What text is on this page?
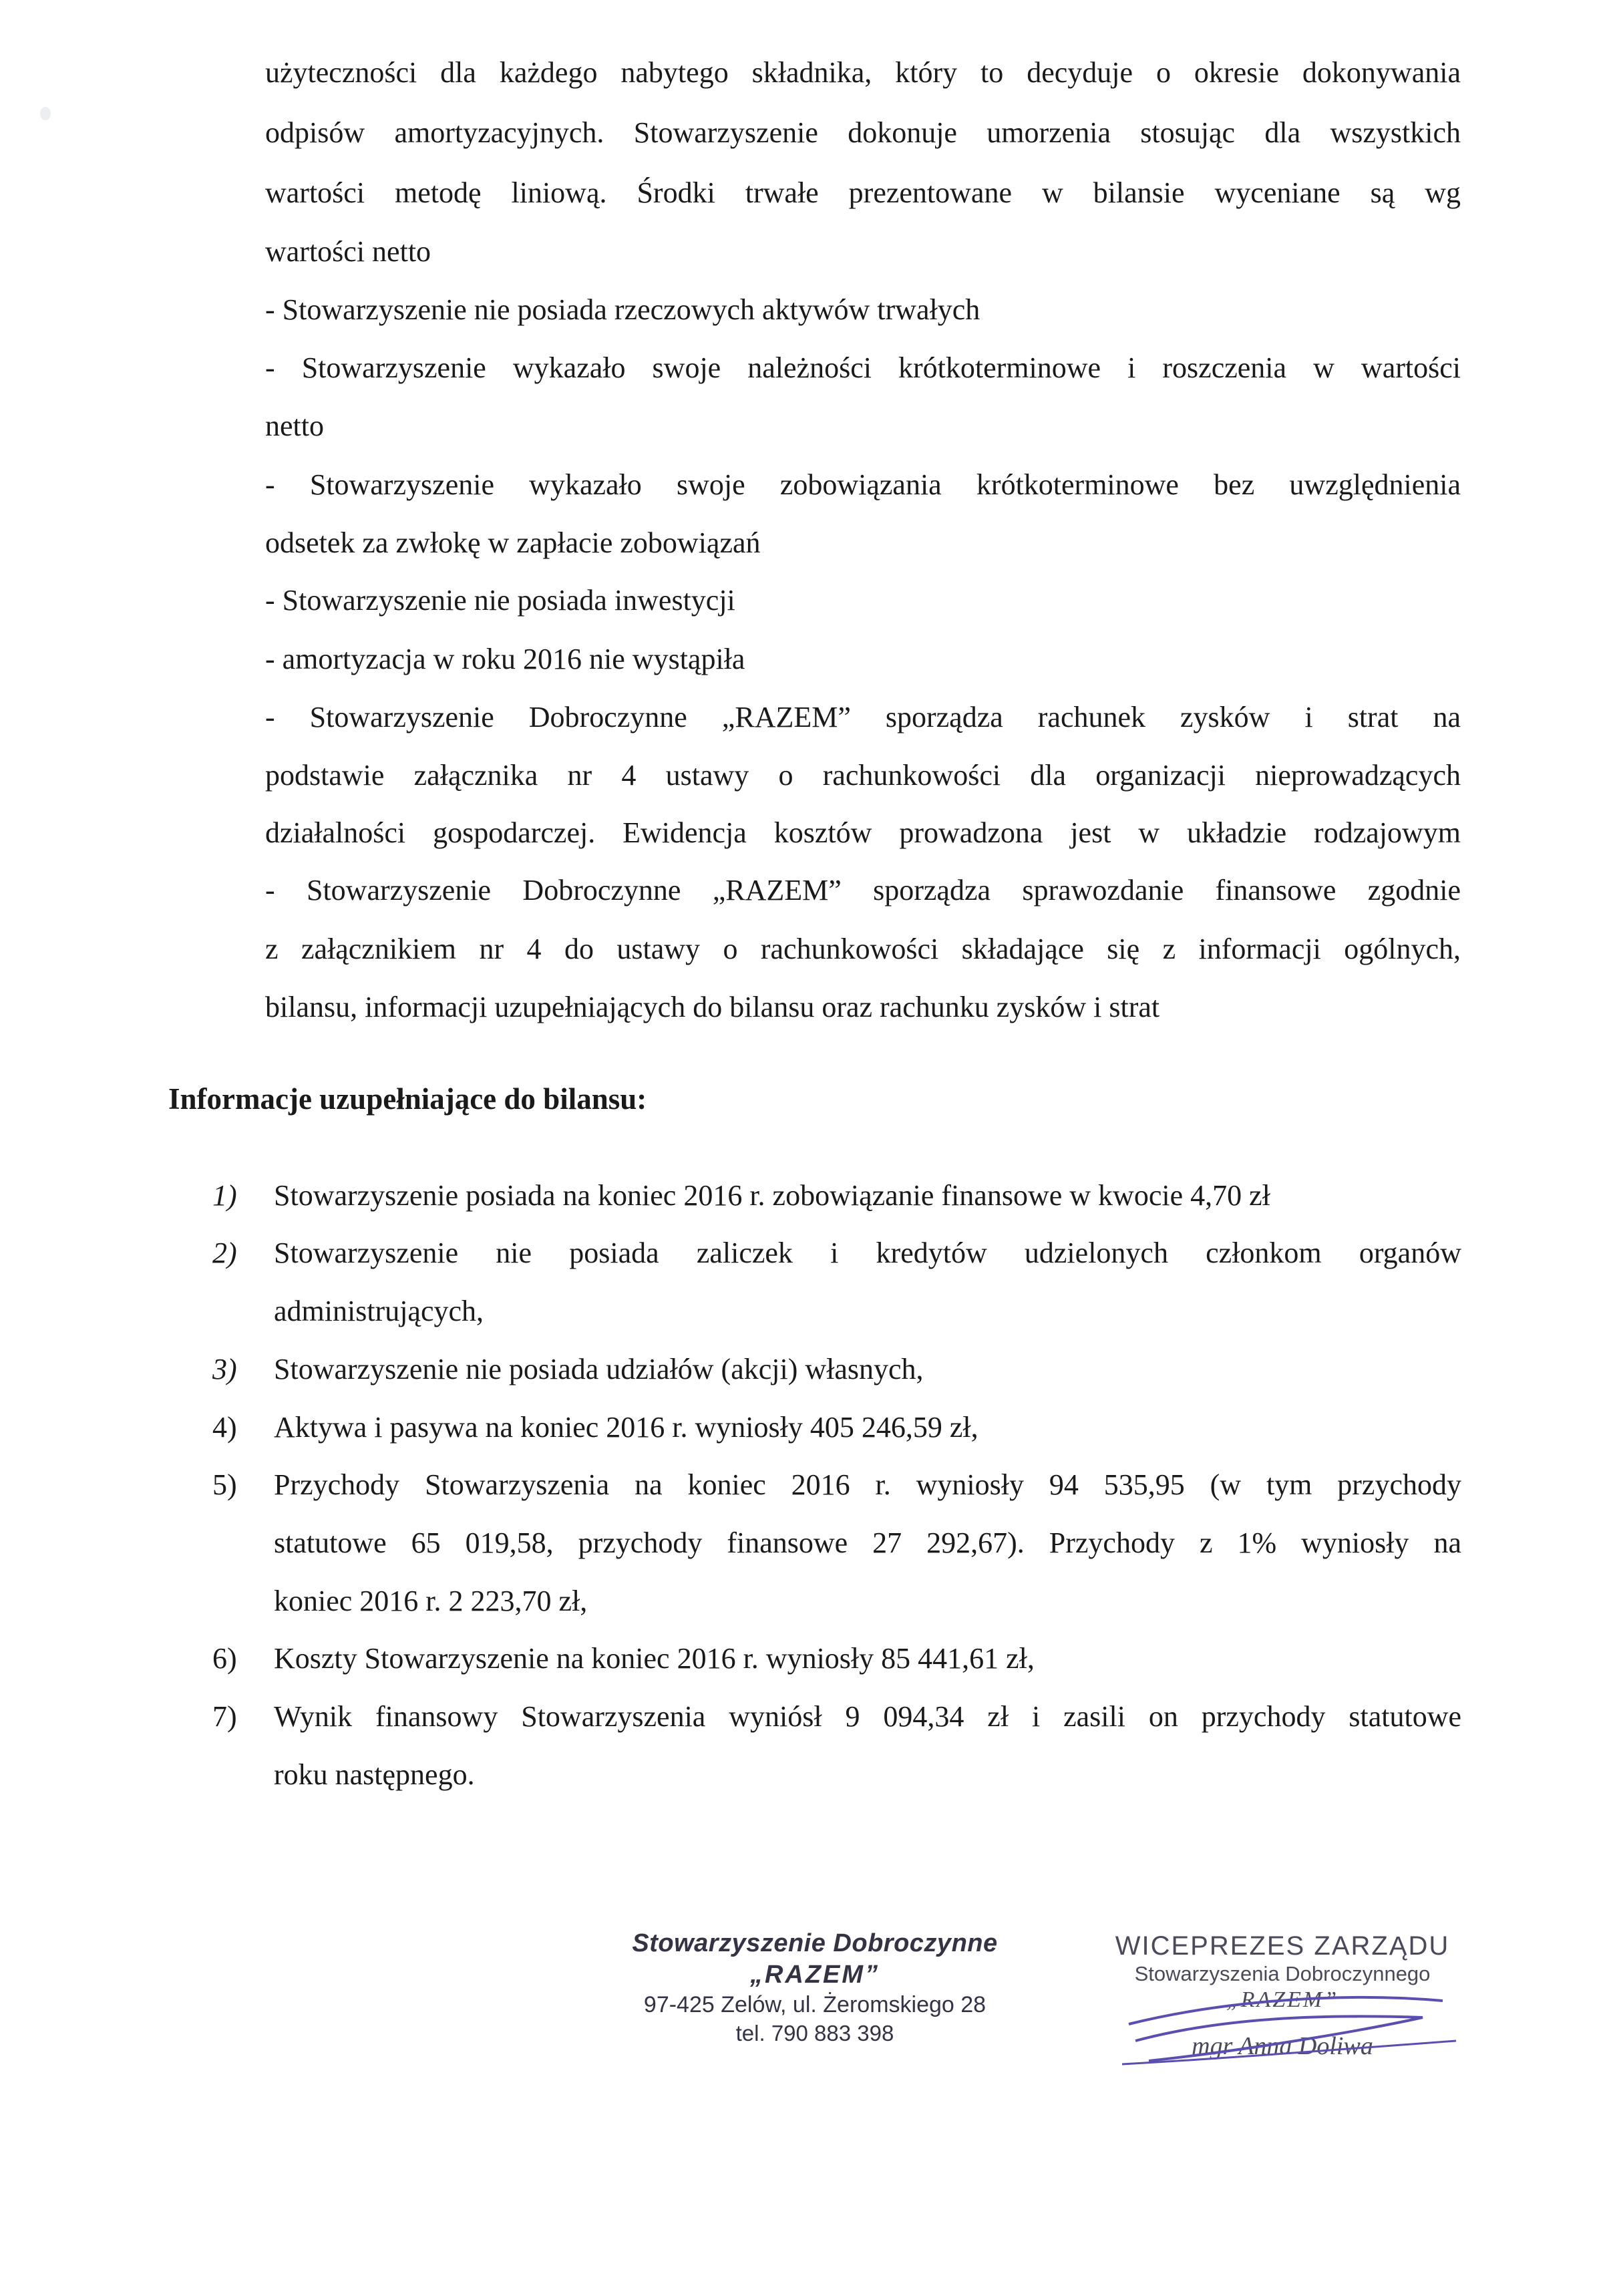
użyteczności dla każdego nabytego składnika, który to decyduje o okresie dokonywania
odpisów amortyzacyjnych. Stowarzyszenie dokonuje umorzenia stosując dla wszystkich
wartości metodę liniową. Środki trwałe prezentowane w bilansie wyceniane są wg
wartości netto
- Stowarzyszenie nie posiada rzeczowych aktywów trwałych
- Stowarzyszenie wykazało swoje należności krótkoterminowe i roszczenia w wartości
netto
- Stowarzyszenie wykazało swoje zobowiązania krótkoterminowe bez uwzględnienia
odsetek za zwłokę w zapłacie zobowiązań
- Stowarzyszenie nie posiada inwestycji
- amortyzacja w roku 2016 nie wystąpiła
- Stowarzyszenie Dobroczynne „RAZEM” sporządza rachunek zysków i strat na
podstawie załącznika nr 4 ustawy o rachunkowości dla organizacji nieprowadzących
działalności gospodarczej. Ewidencja kosztów prowadzona jest w układzie rodzajowym
- Stowarzyszenie Dobroczynne „RAZEM” sporządza sprawozdanie finansowe zgodnie
z załącznikiem nr 4 do ustawy o rachunkowości składające się z informacji ogólnych,
bilansu, informacji uzupełniających do bilansu oraz rachunku zysków i strat
Informacje uzupełniające do bilansu:
1) Stowarzyszenie posiada na koniec 2016 r. zobowiązanie finansowe w kwocie 4,70 zł
2) Stowarzyszenie nie posiada zaliczek i kredytów udzielonych członkom organów
administrujących,
3) Stowarzyszenie nie posiada udziałów (akcji) własnych,
4) Aktywa i pasywa na koniec 2016 r. wyniosły 405 246,59 zł,
5) Przychody Stowarzyszenia na koniec 2016 r. wyniosły 94 535,95 (w tym przychody
statutowe 65 019,58, przychody finansowe 27 292,67). Przychody z 1% wyniosły na
koniec 2016 r. 2 223,70 zł,
6) Koszty Stowarzyszenie na koniec 2016 r. wyniosły 85 441,61 zł,
7) Wynik finansowy Stowarzyszenia wyniósł 9 094,34 zł i zasili on przychody statutowe
roku następnego.
Stowarzyszenie Dobroczynne
„RAZEM”
97-425 Zelów, ul. Żeromskiego 28
tel. 790 883 398
WICEPREZES ZARZĄDU
Stowarzyszenia Dobroczynnego
„RAZEM”
mgr Anna Doliwa
